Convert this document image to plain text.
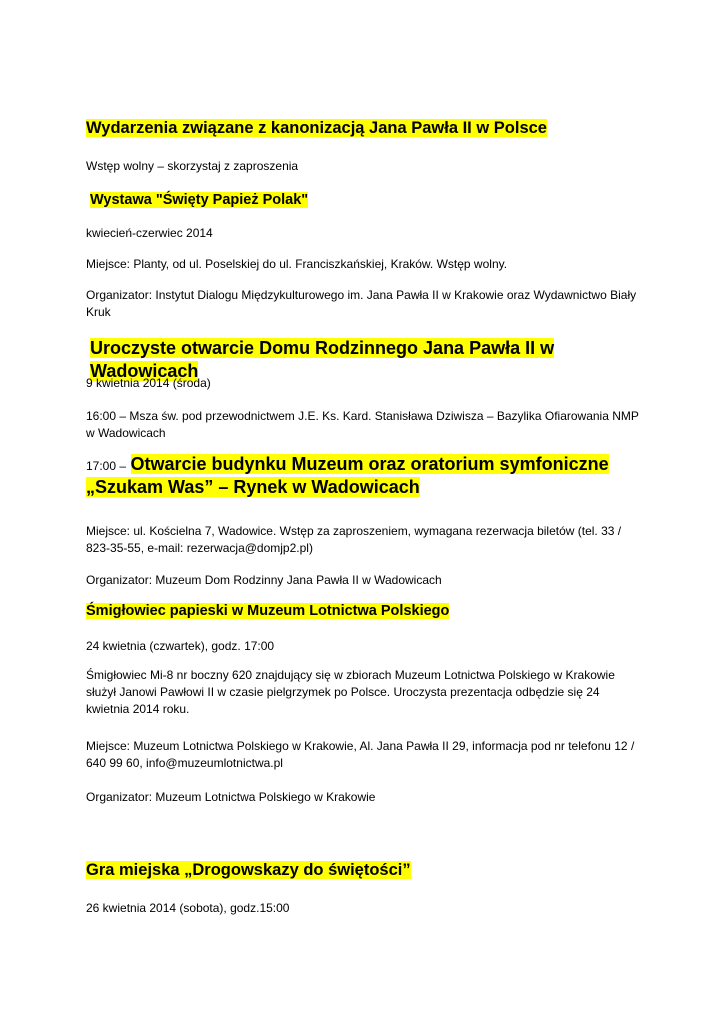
Wydarzenia związane z kanonizacją Jana Pawła II w Polsce

Wstęp wolny – skorzystaj z zaproszenia

Wystawa "Święty Papież Polak"

kwiecień-czerwiec 2014

Miejsce: Planty, od ul. Poselskiej do ul. Franciszkańskiej, Kraków. Wstęp wolny.

Organizator: Instytut Dialogu Międzykulturowego im. Jana Pawła II w Krakowie oraz Wydawnictwo Biały Kruk

Uroczyste otwarcie Domu Rodzinnego Jana Pawła II w Wadowicach

9 kwietnia 2014 (środa)

16:00 – Msza św. pod przewodnictwem J.E. Ks. Kard. Stanisława Dziwisza – Bazylika Ofiarowania NMP w Wadowicach

17:00 – Otwarcie budynku Muzeum oraz oratorium symfoniczne „Szukam Was” – Rynek w Wadowicach

Miejsce: ul. Kościelna 7, Wadowice. Wstęp za zaproszeniem, wymagana rezerwacja biletów (tel. 33 / 823-35-55, e-mail: rezerwacja@domjp2.pl)

Organizator: Muzeum Dom Rodzinny Jana Pawła II w Wadowicach

Śmigłowiec papieski w Muzeum Lotnictwa Polskiego

24 kwietnia (czwartek), godz. 17:00

Śmigłowiec Mi-8 nr boczny 620 znajdujący się w zbiorach Muzeum Lotnictwa Polskiego w Krakowie służył Janowi Pawłowi II w czasie pielgrzymek po Polsce. Uroczysta prezentacja odbędzie się 24 kwietnia 2014 roku.

Miejsce: Muzeum Lotnictwa Polskiego w Krakowie, Al. Jana Pawła II 29, informacja pod nr telefonu 12 / 640 99 60, info@muzeumlotnictwa.pl

Organizator: Muzeum Lotnictwa Polskiego w Krakowie

Gra miejska „Drogowskazy do świętości”

26 kwietnia 2014 (sobota), godz.15:00
